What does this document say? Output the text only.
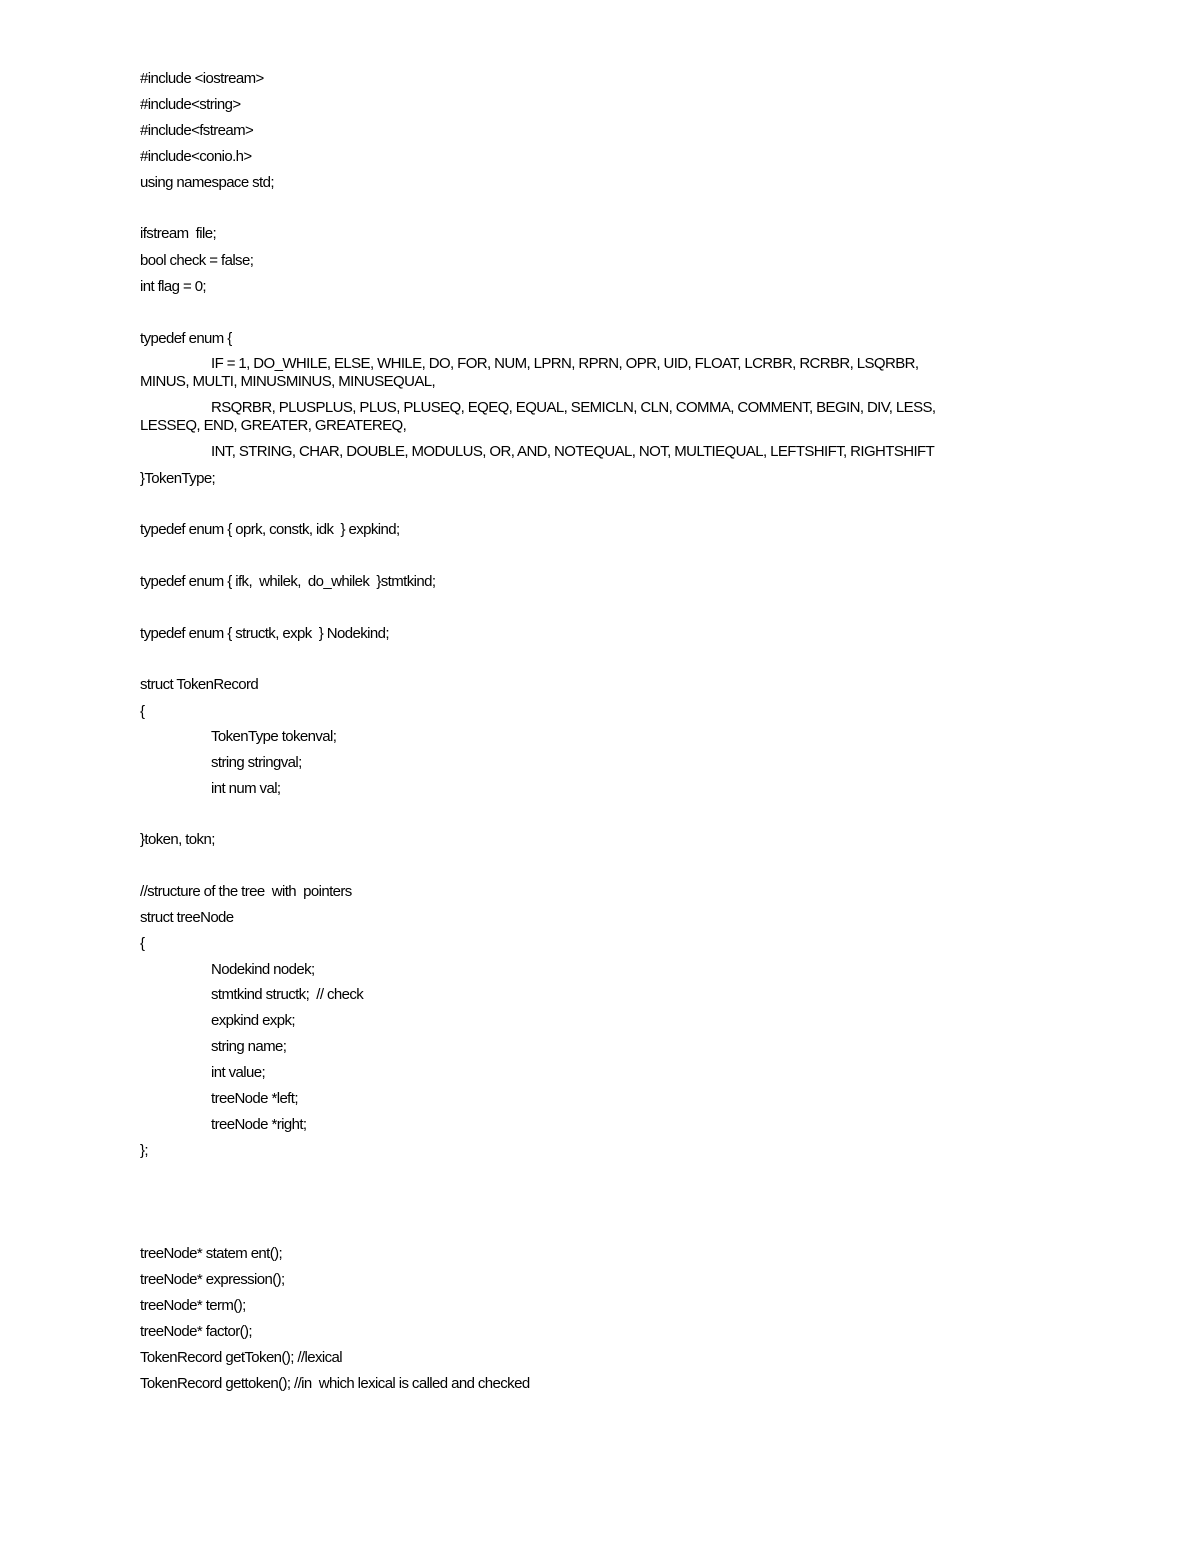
#include <iostream>
#include<string>
#include<fstream>
#include<conio.h>
using namespace std;
ifstream  file;
bool check = false;
int flag = 0;
typedef enum {
IF = 1, DO_WHILE, ELSE, WHILE, DO, FOR, NUM, LPRN, RPRN, OPR, UID, FLOAT, LCRBR, RCRBR, LSQRBR,
MINUS, MULTI, MINUSMINUS, MINUSEQUAL,
RSQRBR, PLUSPLUS, PLUS, PLUSEQ, EQEQ, EQUAL, SEMICLN, CLN, COMMA, COMMENT, BEGIN, DIV, LESS,
LESSEQ, END, GREATER, GREATEREQ,
INT, STRING, CHAR, DOUBLE, MODULUS, OR, AND, NOTEQUAL, NOT, MULTIEQUAL, LEFTSHIFT, RIGHTSHIFT
}TokenType;
typedef enum { oprk, constk, idk  } expkind;
typedef enum { ifk,  whilek,  do_whilek  }stmtkind;
typedef enum { structk, expk  } Nodekind;
struct TokenRecord
{
TokenType tokenval;
string stringval;
int num val;
}token, tokn;
//structure of the tree  with  pointers
struct treeNode
{
Nodekind nodek;
stmtkind structk;  // check
expkind expk;
string name;
int value;
treeNode *left;
treeNode *right;
};
treeNode* statem ent();
treeNode* expression();
treeNode* term();
treeNode* factor();
TokenRecord getToken(); //lexical
TokenRecord gettoken(); //in  which lexical is called and checked
